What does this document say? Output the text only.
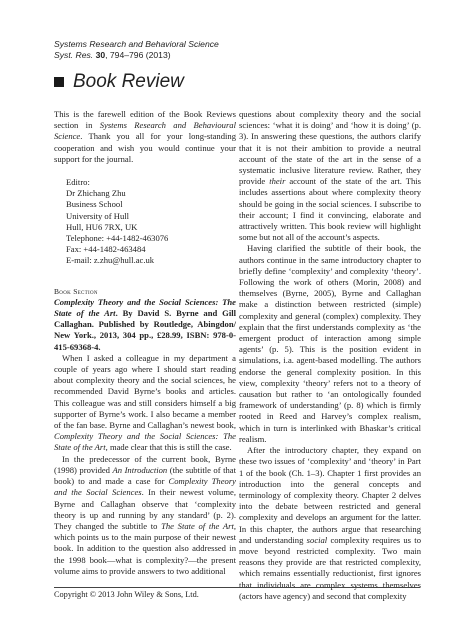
Systems Research and Behavioral Science
Syst. Res. 30, 794–796 (2013)
Book Review

This is the farewell edition of the Book Reviews section in Systems Research and Behavioural Science. Thank you all for your long-standing cooperation and wish you would continue your support for the journal.

Editro:
Dr Zhichang Zhu
Business School
University of Hull
Hull, HU6 7RX, UK
Telephone: +44-1482-463076
Fax: +44-1482-463484
E-mail: z.zhu@hull.ac.uk
Book Section

Complexity Theory and the Social Sciences: The State of the Art. By David S. Byrne and Gill Callaghan. Published by Routledge, Abingdon/ New York., 2013, 304 pp., £28.99, ISBN: 978-0-415-69368-4.

When I asked a colleague in my department a couple of years ago where I should start reading about complexity theory and the social sciences, he recommended David Byrne’s books and articles. This colleague was and still considers himself a big supporter of Byrne’s work. I also became a member of the fan base. Byrne and Callaghan’s newest book, Complexity Theory and the Social Sciences: The State of the Art, made clear that this is still the case.

In the predecessor of the current book, Byrne (1998) provided An Introduction (the subtitle of that book) to and made a case for Complexity Theory and the Social Sciences. In their newest volume, Byrne and Callaghan observe that ‘complexity theory is up and running by any standard’ (p. 2). They changed the subtitle to The State of the Art, which points us to the main purpose of their newest book. In addition to the question also addressed in the 1998 book—what is complexity?—the present volume aims to provide answers to two additional

questions about complexity theory and the social sciences: ‘what it is doing’ and ‘how it is doing’ (p. 3). In answering these questions, the authors clarify that it is not their ambition to provide a neutral account of the state of the art in the sense of a systematic inclusive literature review. Rather, they provide their account of the state of the art. This includes assertions about where complexity theory should be going in the social sciences. I subscribe to their account; I find it convincing, elaborate and attractively written. This book review will highlight some but not all of the account’s aspects.

Having clarified the subtitle of their book, the authors continue in the same introductory chapter to briefly define ‘complexity’ and complexity ‘theory’. Following the work of others (Morin, 2008) and themselves (Byrne, 2005), Byrne and Callaghan make a distinction between restricted (simple) complexity and general (complex) complexity. They explain that the first understands complexity as ‘the emergent product of interaction among simple agents’ (p. 5). This is the position evident in simulations, i.a. agent-based modelling. The authors endorse the general complexity position. In this view, complexity ‘theory’ refers not to a theory of causation but rather to ‘an ontologically founded framework of understanding’ (p. 8) which is firmly rooted in Reed and Harvey’s complex realism, which in turn is interlinked with Bhaskar’s critical realism.

After the introductory chapter, they expand on these two issues of ‘complexity’ and ‘theory’ in Part 1 of the book (Ch. 1–3). Chapter 1 first provides an introduction into the general concepts and terminology of complexity theory. Chapter 2 delves into the debate between restricted and general complexity and develops an argument for the latter. In this chapter, the authors argue that researching and understanding social complexity requires us to move beyond restricted complexity. Two main reasons they provide are that restricted complexity, which remains essentially reductionist, first ignores that individuals are complex systems themselves (actors have agency) and second that complexity

Copyright © 2013 John Wiley & Sons, Ltd.
